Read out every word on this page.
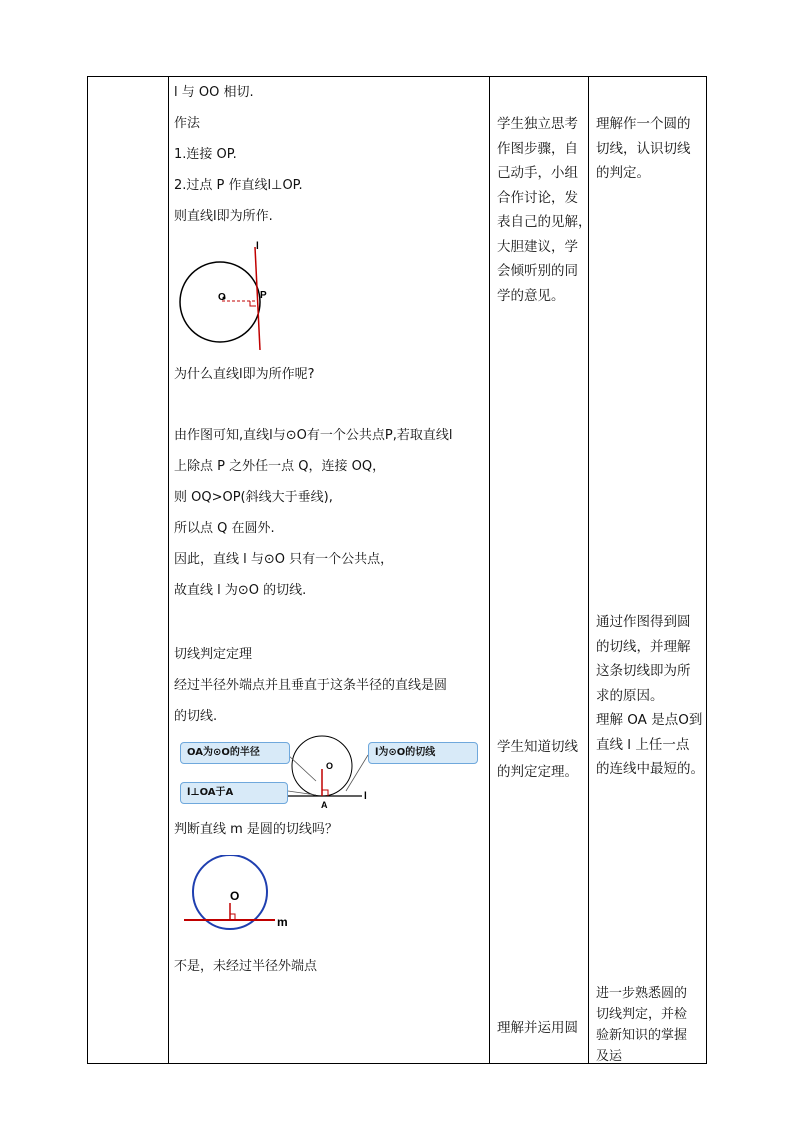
l 与 OO 相切.
作法
1.连接 OP.
2.过点 P 作直线l⊥OP.
则直线l即为所作.
l
O	P
为什么直线l即为所作呢?
由作图可知,直线l与⊙O有一个公共点P,若取直线l
上除点 P 之外任一点 Q，连接 OQ，
则 OQ>OP(斜线大于垂线),
所以点 Q 在圆外.
因此，直线 l 与⊙O 只有一个公共点，
故直线 l 为⊙O 的切线.
切线判定定理
经过半径外端点并且垂直于这条半径的直线是圆
的切线.
O
A
l
OA为⊙O的半径
l⊥OA于A
l为⊙O的切线
判断直线 m 是圆的切线吗？
O
m
不是，未经过半径外端点
学生独立思考
作图步骤，自
己动手，小组
合作讨论，发
表自己的见解，
大胆建议，学
会倾听别的同
学的意见。
学生知道切线
的判定定理。
理解并运用圆
理解作一个圆的
切线，认识切线
的判定。
通过作图得到圆
的切线，并理解
这条切线即为所
求的原因。
理解 OA 是点O到
直线 l 上任一点
的连线中最短的。
进一步熟悉圆的
切线判定，并检
验新知识的掌握
及运
